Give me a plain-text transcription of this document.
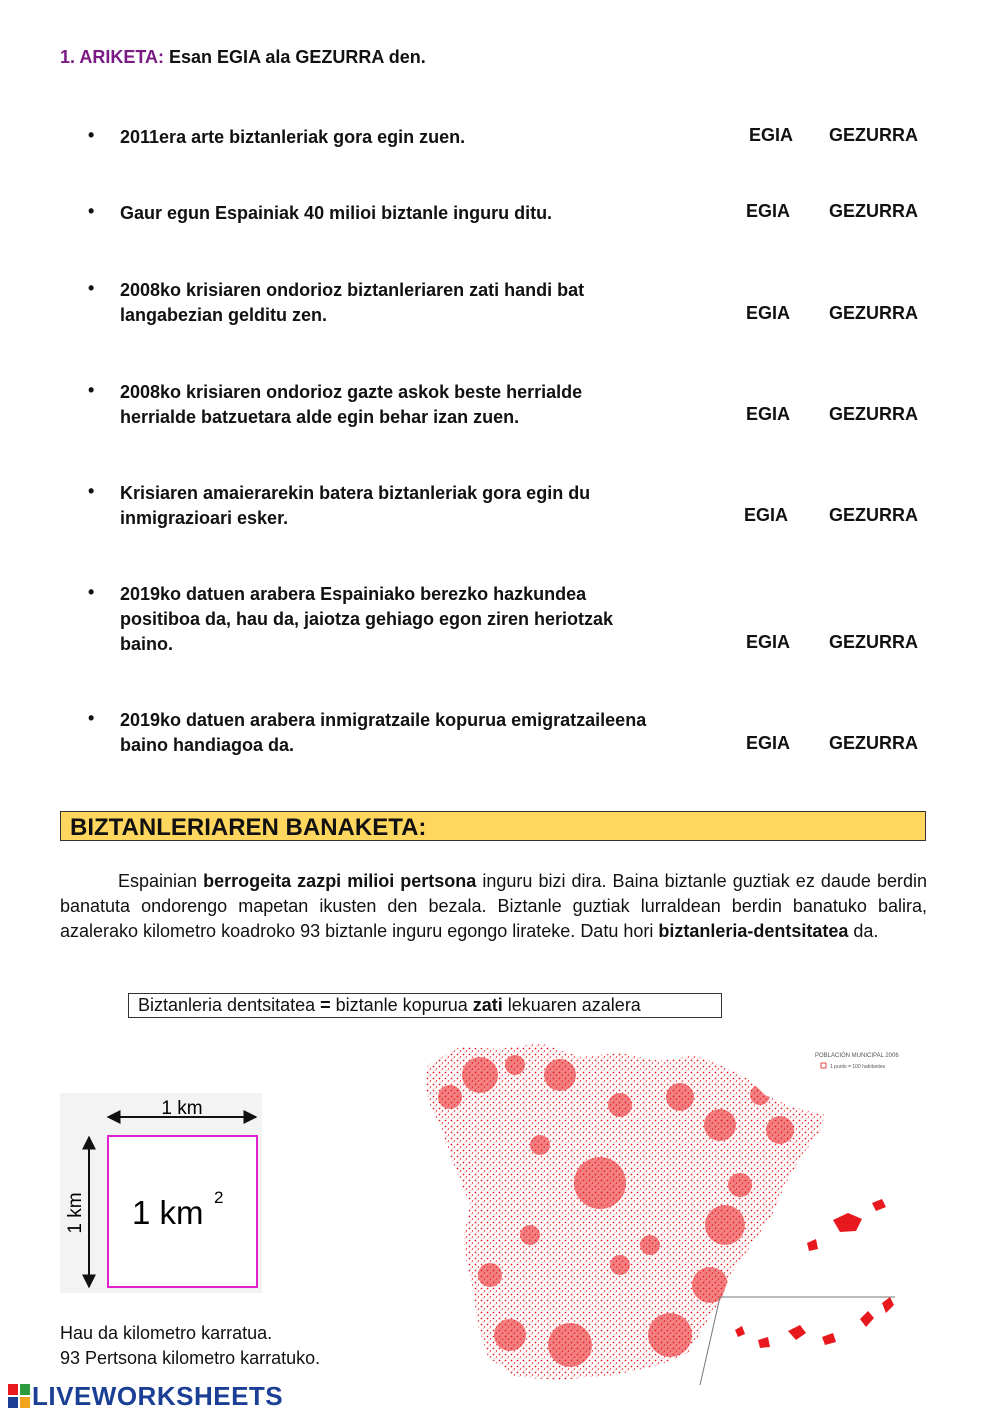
1. ARIKETA: Esan EGIA ala GEZURRA den.
• 2011era arte biztanleriak gora egin zuen.
• Gaur egun Espainiak 40 milioi biztanle inguru ditu.
• 2008ko krisiaren ondorioz biztanleriaren zati handi bat
langabezian gelditu zen.
• 2008ko krisiaren ondorioz gazte askok beste herrialde
herrialde batzuetara alde egin behar izan zuen.
• Krisiaren amaierarekin batera biztanleriak gora egin du
inmigrazioari esker.
• 2019ko datuen arabera Espainiako berezko hazkundea
positiboa da, hau da, jaiotza gehiago egon ziren heriotzak
baino.
• 2019ko datuen arabera inmigratzaile kopurua emigratzaileena
baino handiagoa da.
BIZTANLERIAREN BANAKETA:
Espainian berrogeita zazpi milioi pertsona inguru bizi dira. Baina biztanle guztiak ez daude berdin banatuta ondorengo mapetan ikusten den bezala. Biztanle guztiak lurraldean berdin banatuko balira, azalerako kilometro koadroko 93 biztanle inguru egongo lirateke. Datu hori biztanleria-dentsitatea da.
Biztanleria dentsitatea = biztanle kopurua zati lekuaren azalera
1 km
1 km 1 km 2
Hau da kilometro karratua.
93 Pertsona kilometro karratuko.
POBLACIÓN MUNICIPAL 2006
1 punto = 100 habitantes
LIVEWORKSHEETS
EGIA GEZURRA
EGIA GEZURRA
EGIA GEZURRA
EGIA GEZURRA
EGIA GEZURRA
EGIA GEZURRA
EGIA GEZURRA
